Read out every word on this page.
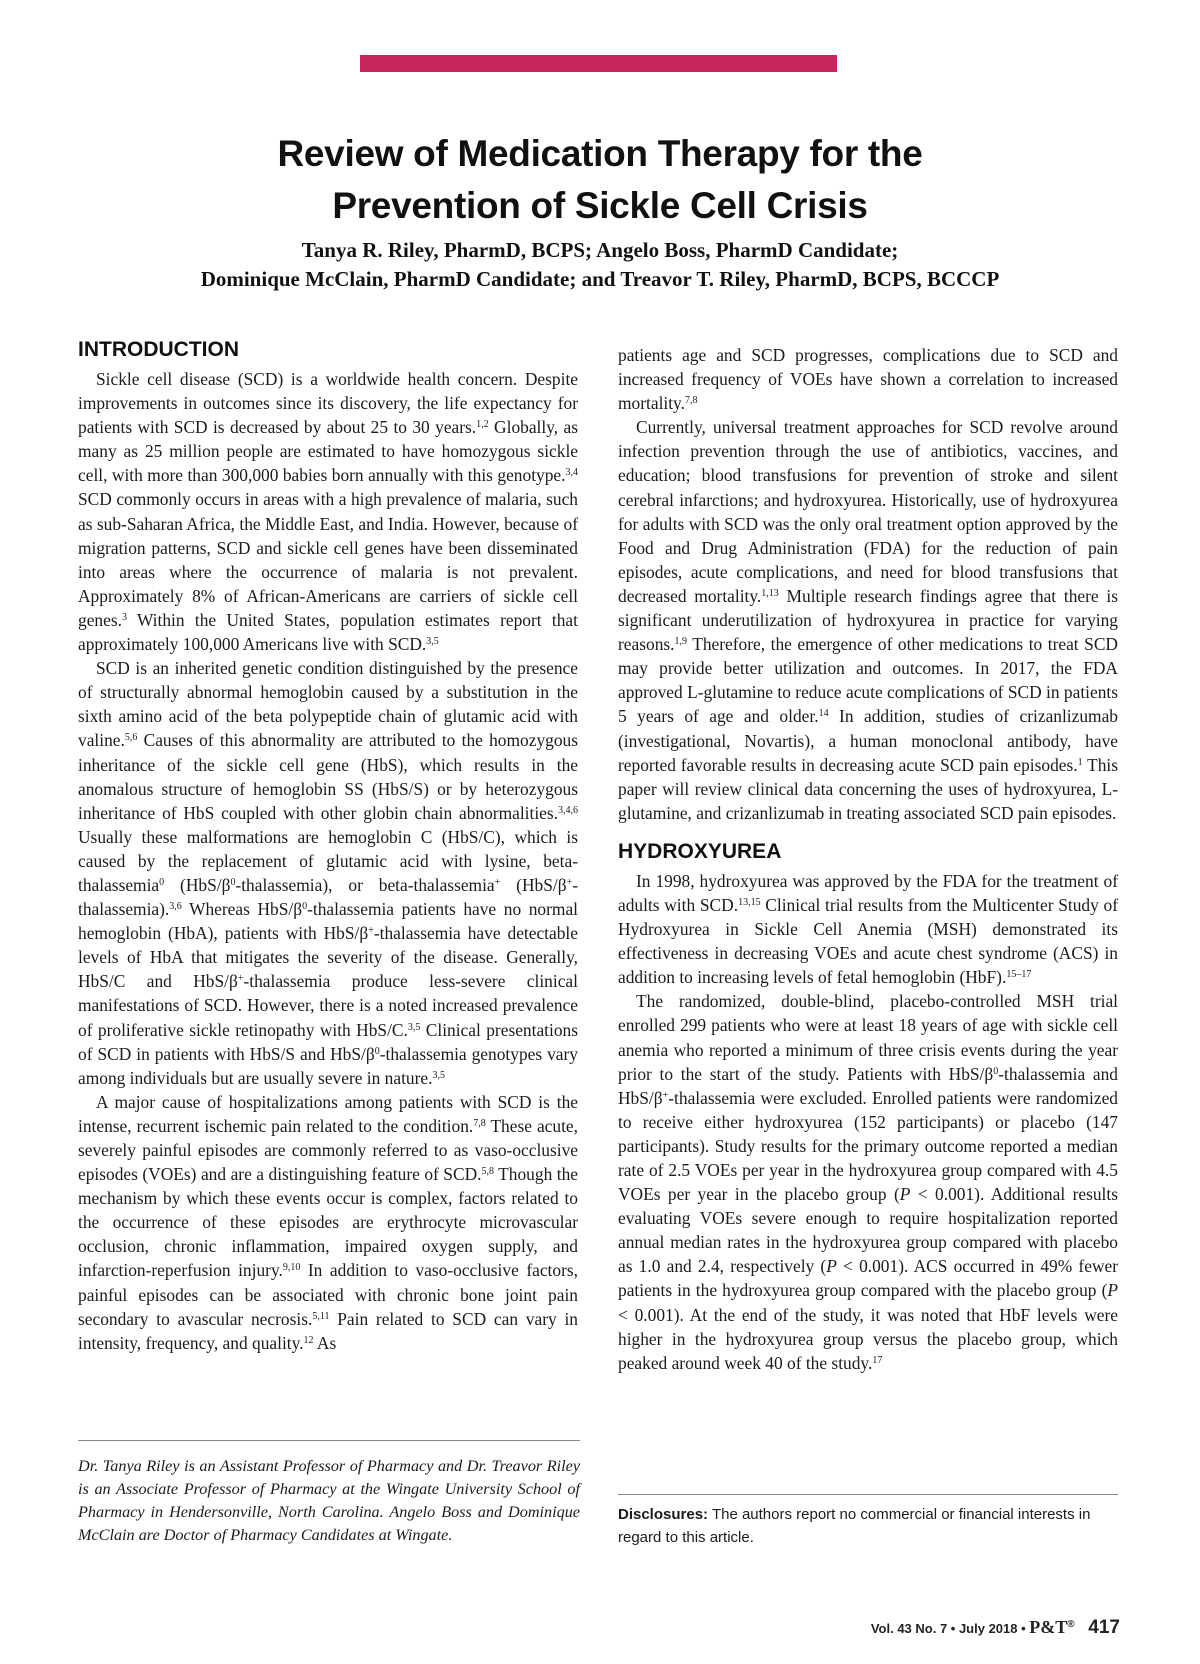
Review of Medication Therapy for the
Prevention of Sickle Cell Crisis
Tanya R. Riley, PharmD, BCPS; Angelo Boss, PharmD Candidate;
Dominique McClain, PharmD Candidate; and Treavor T. Riley, PharmD, BCPS, BCCCP
INTRODUCTION

Sickle cell disease (SCD) is a worldwide health concern. Despite improvements in outcomes since its discovery, the life expectancy for patients with SCD is decreased by about 25 to 30 years.$^{1,2}$ Globally, as many as 25 million people are estimated to have homozygous sickle cell, with more than 300,000 babies born annually with this genotype.$^{3,4}$ SCD commonly occurs in areas with a high prevalence of malaria, such as sub-Saharan Africa, the Middle East, and India. However, because of migration patterns, SCD and sickle cell genes have been disseminated into areas where the occurrence of malaria is not prevalent. Approximately 8% of African-Americans are carriers of sickle cell genes.$^3$ Within the United States, population estimates report that approximately 100,000 Americans live with SCD.$^{3,5}$

SCD is an inherited genetic condition distinguished by the presence of structurally abnormal hemoglobin caused by a substitution in the sixth amino acid of the beta polypeptide chain of glutamic acid with valine.$^{5,6}$ Causes of this abnormality are attributed to the homozygous inheritance of the sickle cell gene (HbS), which results in the anomalous structure of hemoglobin SS (HbS/S) or by heterozygous inheritance of HbS coupled with other globin chain abnormalities.$^{3,4,6}$ Usually these malformations are hemoglobin C (HbS/C), which is caused by the replacement of glutamic acid with lysine, beta-thalassemia$^0$ $(HbS/\beta^0-thalassemia)$, or beta-thalassemia+ (HbS/β+-thalassemia).$^{3,6}$ Whereas HbS/$\beta^0$-thalassemia patients have no normal hemoglobin (HbA), patients with HbS/β+-thalassemia have detectable levels of HbA that mitigates the severity of the disease. Generally, HbS/C and HbS/β+-thalassemia produce less-severe clinical manifestations of SCD. However, there is a noted increased prevalence of proliferative sickle retinopathy with HbS/C.$^{3,5}$ Clinical presentations of SCD in patients with HbS/S and HbS/$\beta^0$-thalassemia genotypes vary among individuals but are usually severe in nature.$^{3,5}$

A major cause of hospitalizations among patients with SCD is the intense, recurrent ischemic pain related to the condition.$^{7,8}$ These acute, severely painful episodes are commonly referred to as vaso-occlusive episodes (VOEs) and are a distinguishing feature of SCD.$^{5,8}$ Though the mechanism by which these events occur is complex, factors related to the occurrence of these episodes are erythrocyte microvascular occlusion, chronic inflammation, impaired oxygen supply, and infarction-reperfusion injury.$^{9,10}$ In addition to vaso-occlusive factors, painful episodes can be associated with chronic bone joint pain secondary to avascular necrosis.$^{5,11}$ Pain related to SCD can vary in intensity, frequency, and quality.$^{12}$ As

patients age and SCD progresses, complications due to SCD and increased frequency of VOEs have shown a correlation to increased mortality.$^{7,8}$

Currently, universal treatment approaches for SCD revolve around infection prevention through the use of antibiotics, vaccines, and education; blood transfusions for prevention of stroke and silent cerebral infarctions; and hydroxyurea. Historically, use of hydroxyurea for adults with SCD was the only oral treatment option approved by the Food and Drug Administration (FDA) for the reduction of pain episodes, acute complications, and need for blood transfusions that decreased mortality.$^{1,13}$ Multiple research findings agree that there is significant underutilization of hydroxyurea in practice for varying reasons.$^{1,9}$ Therefore, the emergence of other medications to treat SCD may provide better utilization and outcomes. In 2017, the FDA approved L-glutamine to reduce acute complications of SCD in patients 5 years of age and older.$^{14}$ In addition, studies of crizanlizumab (investigational, Novartis), a human monoclonal antibody, have reported favorable results in decreasing acute SCD pain episodes.$^1$ This paper will review clinical data concerning the uses of hydroxyurea, L-glutamine, and crizanlizumab in treating associated SCD pain episodes.

HYDROXYUREA

In 1998, hydroxyurea was approved by the FDA for the treatment of adults with SCD.$^{13,15}$ Clinical trial results from the Multicenter Study of Hydroxyurea in Sickle Cell Anemia (MSH) demonstrated its effectiveness in decreasing VOEs and acute chest syndrome (ACS) in addition to increasing levels of fetal hemoglobin (HbF).$^{15-17}$

The randomized, double-blind, placebo-controlled MSH trial enrolled 299 patients who were at least 18 years of age with sickle cell anemia who reported a minimum of three crisis events during the year prior to the start of the study. Patients with HbS/$\beta^0$-thalassemia and HbS/β+-thalassemia were excluded. Enrolled patients were randomized to receive either hydroxyurea (152 participants) or placebo (147 participants). Study results for the primary outcome reported a median rate of 2.5 VOEs per year in the hydroxyurea group compared with 4.5 VOEs per year in the placebo group (P < 0.001). Additional results evaluating VOEs severe enough to require hospitalization reported annual median rates in the hydroxyurea group compared with placebo as 1.0 and 2.4, respectively (P < 0.001). ACS occurred in 49% fewer patients in the hydroxyurea group compared with the placebo group (P < 0.001). At the end of the study, it was noted that HbF levels were higher in the hydroxyurea group versus the placebo group, which peaked around week 40 of the study.$^{17}$

Dr. Tanya Riley is an Assistant Professor of Pharmacy and Dr. Treavor Riley is an Associate Professor of Pharmacy at the Wingate University School of Pharmacy in Hendersonville, North Carolina. Angelo Boss and Dominique McClain are Doctor of Pharmacy Candidates at Wingate.
Disclosures: The authors report no commercial or financial interests in regard to this article.
Vol. 43 No. 7 • July 2018 • P&T® 417
